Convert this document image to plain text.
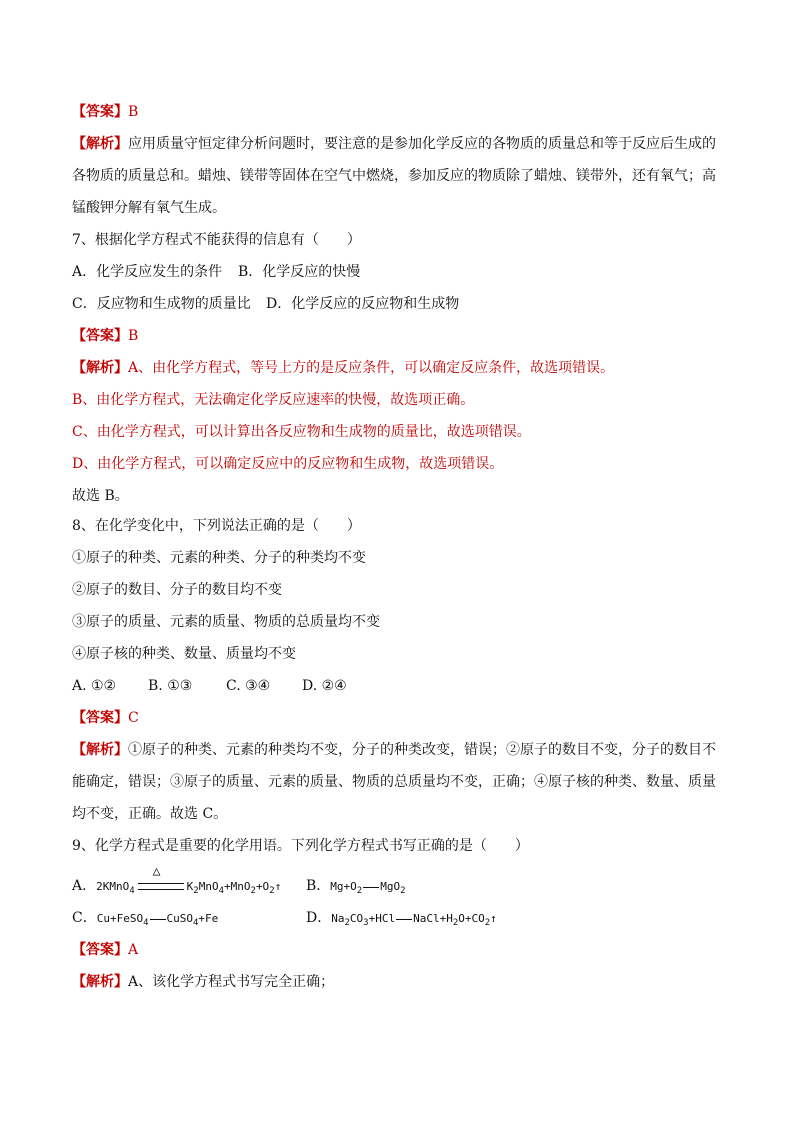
【答案】B
【解析】应用质量守恒定律分析问题时，要注意的是参加化学反应的各物质的质量总和等于反应后生成的
各物质的质量总和。蜡烛、镁带等固体在空气中燃烧，参加反应的物质除了蜡烛、镁带外，还有氧气；高
锰酸钾分解有氧气生成。
7、根据化学方程式不能获得的信息有（　　）
A．化学反应发生的条件 B．化学反应的快慢
C．反应物和生成物的质量比 D．化学反应的反应物和生成物
【答案】B
【解析】A、由化学方程式，等号上方的是反应条件，可以确定反应条件，故选项错误。
B、由化学方程式，无法确定化学反应速率的快慢，故选项正确。
C、由化学方程式，可以计算出各反应物和生成物的质量比，故选项错误。
D、由化学方程式，可以确定反应中的反应物和生成物，故选项错误。
故选 B。
8、在化学变化中，下列说法正确的是（　　）
①原子的种类、元素的种类、分子的种类均不变
②原子的数目、分子的数目均不变
③原子的质量、元素的质量、物质的总质量均不变
④原子核的种类、数量、质量均不变
A. ①② B. ①③ C. ③④ D. ②④
【答案】C
【解析】①原子的种类、元素的种类均不变，分子的种类改变，错误；②原子的数目不变，分子的数目不
能确定，错误；③原子的质量、元素的质量、物质的总质量均不变，正确；④原子核的种类、数量、质量
均不变，正确。故选 C。
9、化学方程式是重要的化学用语。下列化学方程式书写正确的是（　　）
A．2KMnO$_4$
△
$K_2MnO_4+MnO_2+O_2↑$ B．$Mg+O_2$ MgO$_2$
C．Cu+FeSO$_4$ CuSO$_4$+Fe	D．$Na_2CO_3+HCl$ $NaCl+H_2O+CO_2↑$
【答案】A
【解析】A、该化学方程式书写完全正确；
